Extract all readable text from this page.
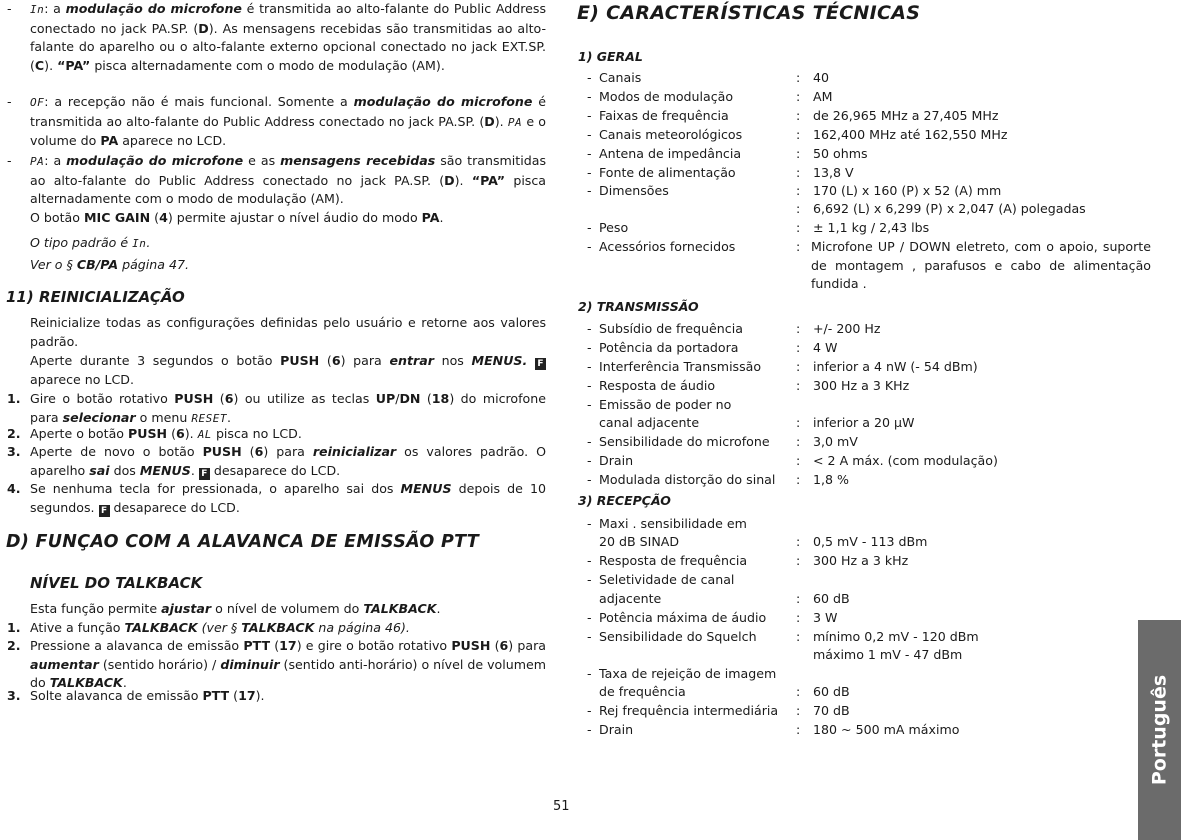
- In: a modulação do microfone é transmitida ao alto-falante do Public Address conectado no jack PA.SP. (D). As mensagens recebidas são transmitidas ao alto-falante do aparelho ou o alto-falante externo opcional conectado no jack EXT.SP. (C). “PA” pisca alternadamente com o modo de modulação (AM).
- OF: a recepção não é mais funcional. Somente a modulação do microfone é transmitida ao alto-falante do Public Address conectado no jack PA.SP. (D). PA e o volume do PA aparece no LCD.
- PA: a modulação do microfone e as mensagens recebidas são transmitidas ao alto-falante do Public Address conectado no jack PA.SP. (D). “PA” pisca alternadamente com o modo de modulação (AM).
O botão MIC GAIN (4) permite ajustar o nível áudio do modo PA.
O tipo padrão é In.
Ver o § CB/PA página 47.
11) REINICIALIZAÇÃO
Reinicialize todas as configurações definidas pelo usuário e retorne aos valores padrão.
Aperte durante 3 segundos o botão PUSH (6) para entrar nos MENUS. F aparece no LCD.
1. Gire o botão rotativo PUSH (6) ou utilize as teclas UP/DN (18) do microfone para selecionar o menu RESET.
2. Aperte o botão PUSH (6). AL pisca no LCD.
3. Aperte de novo o botão PUSH (6) para reinicializar os valores padrão. O aparelho sai dos MENUS. F desaparece do LCD.
4. Se nenhuma tecla for pressionada, o aparelho sai dos MENUS depois de 10 segundos. F desaparece do LCD.
D) FUNÇAO COM A ALAVANCA DE EMISSÃO PTT
NÍVEL DO TALKBACK
Esta função permite ajustar o nível de volumem do TALKBACK.
1. Ative a função TALKBACK (ver § TALKBACK na página 46).
2. Pressione a alavanca de emissão PTT (17) e gire o botão rotativo PUSH (6) para aumentar (sentido horário) / diminuir (sentido anti-horário) o nível de volumem do TALKBACK.
3. Solte alavanca de emissão PTT (17).
E) CARACTERÍSTICAS TÉCNICAS
1) GERAL
- Canais	: 40
- Modos de modulação	: AM
- Faixas de frequência	: de 26,965 MHz a 27,405 MHz
- Canais meteorológicos	: 162,400 MHz até 162,550 MHz
- Antena de impedância	: 50 ohms
- Fonte de alimentação	: 13,8 V
- Dimensões	: 170 (L) x 160 (P) x 52 (A) mm
: 6,692 (L) x 6,299 (P) x 2,047 (A) polegadas
- Peso	: ± 1,1 kg / 2,43 lbs
- Acessórios fornecidos	: Microfone UP / DOWN eletreto, com o apoio, suporte de montagem , parafusos e cabo de alimentação fundida .
2) TRANSMISSÃO
- Subsídio de frequência	: +/- 200 Hz
- Potência da portadora	: 4 W
- Interferência Transmissão	: inferior a 4 nW (- 54 dBm)
- Resposta de áudio	: 300 Hz a 3 KHz
- Emissão de poder no
canal adjacente	: inferior a 20 μW
- Sensibilidade do microfone : 3,0 mV
- Drain	: < 2 A máx. (com modulação)
- Modulada distorção do sinal : 1,8 %
3) RECEPÇÃO
- Maxi . sensibilidade em
20 dB SINAD	: 0,5 mV - 113 dBm
- Resposta de frequência	: 300 Hz a 3 kHz
- Seletividade de canal
adjacente	: 60 dB
- Potência máxima de áudio : 3 W
- Sensibilidade do Squelch	: mínimo 0,2 mV - 120 dBm
máximo 1 mV - 47 dBm
- Taxa de rejeição de imagem
de frequência	: 60 dB
- Rej frequência intermediária : 70 dB
- Drain	: 180 ~ 500 mA máximo	Português
51
